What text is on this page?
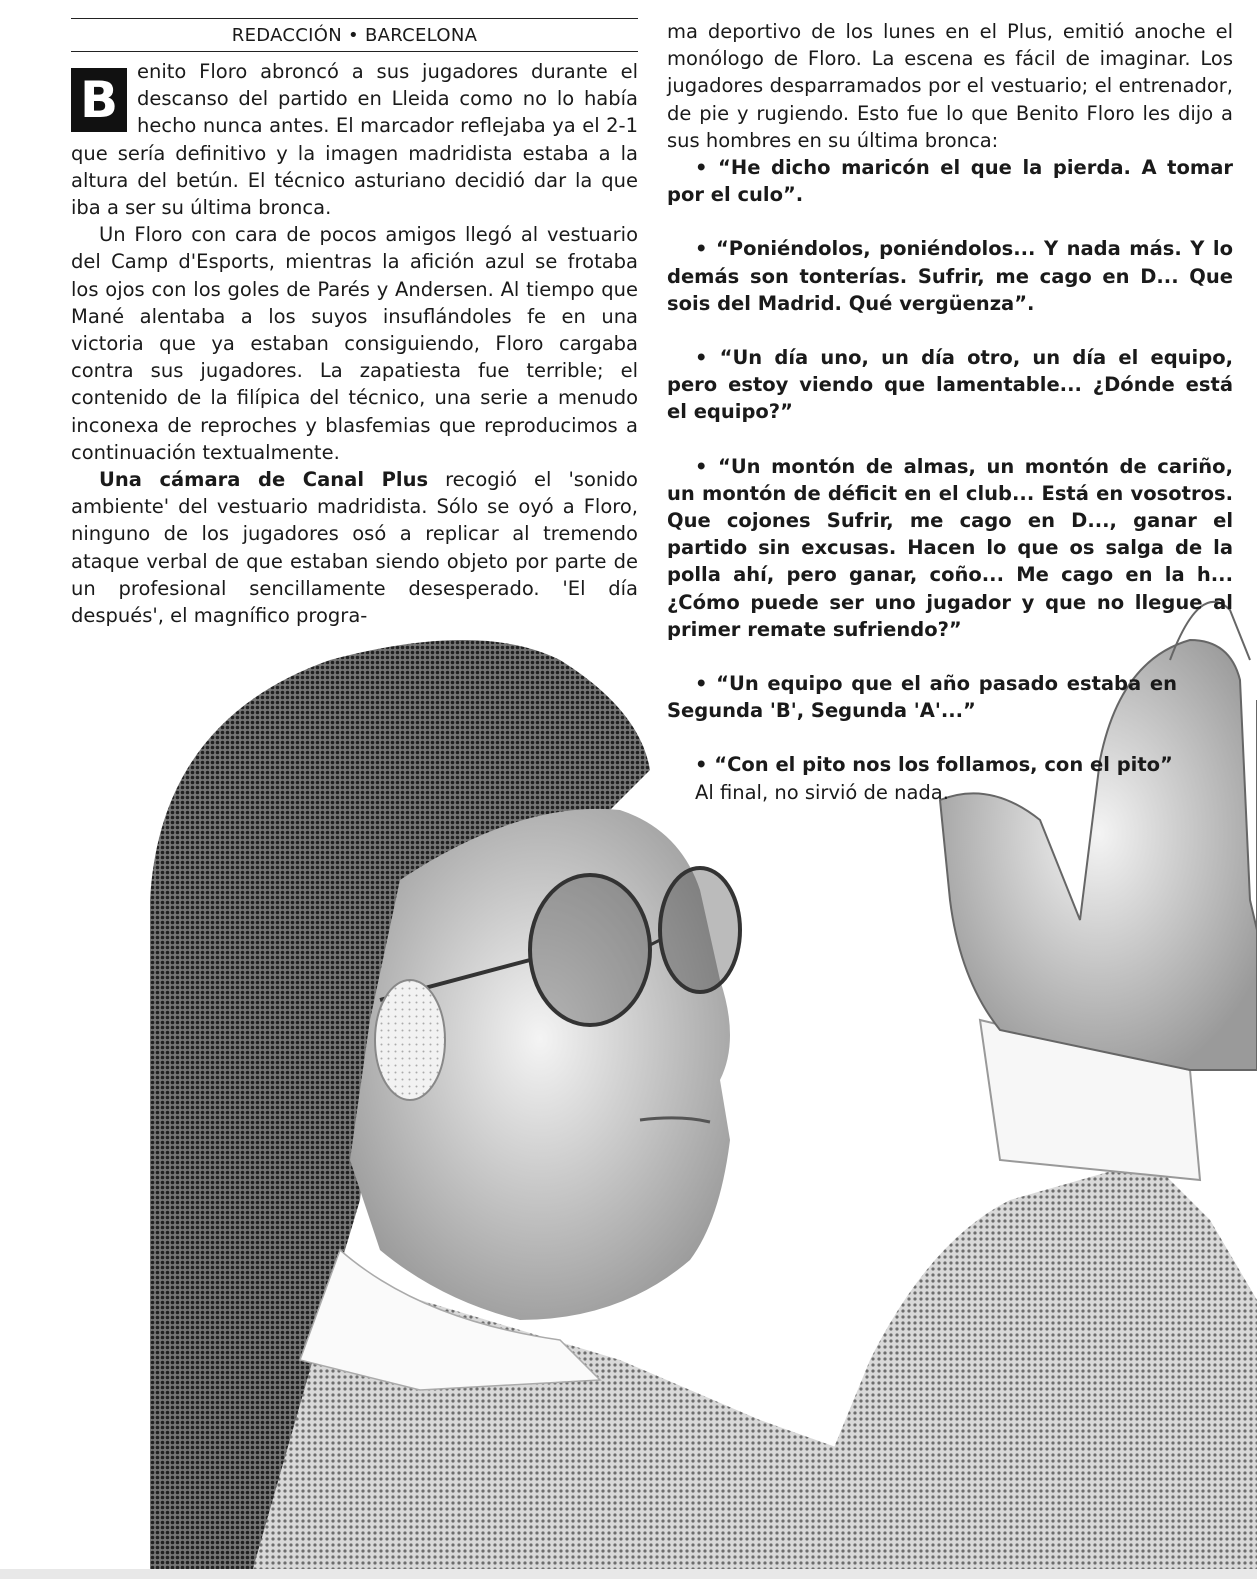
REDACCIÓN • BARCELONA

B enito Floro abroncó a sus jugadores durante el descanso del partido en Lleida como no lo había hecho nunca antes. El marcador reflejaba ya el 2-1 que sería definitivo y la imagen madridista estaba a la altura del betún. El técnico asturiano decidió dar la que iba a ser su última bronca.

Un Floro con cara de pocos amigos llegó al vestuario del Camp d'Esports, mientras la afición azul se frotaba los ojos con los goles de Parés y Andersen. Al tiempo que Mané alentaba a los suyos insuflándoles fe en una victoria que ya estaban consiguiendo, Floro cargaba contra sus jugadores. La zapatiesta fue terrible; el contenido de la filípica del técnico, una serie a menudo inconexa de reproches y blasfemias que reproducimos a continuación textualmente.

Una cámara de Canal Plus recogió el 'sonido ambiente' del vestuario madridista. Sólo se oyó a Floro, ninguno de los jugadores osó a replicar al tremendo ataque verbal de que estaban siendo objeto por parte de un profesional sencillamente desesperado. 'El día después', el magnífico progra-

ma deportivo de los lunes en el Plus, emitió anoche el monólogo de Floro. La escena es fácil de imaginar. Los jugadores desparramados por el vestuario; el entrenador, de pie y rugiendo. Esto fue lo que Benito Floro les dijo a sus hombres en su última bronca:

• “He dicho maricón el que la pierda. A tomar por el culo”.

• “Poniéndolos, poniéndolos... Y nada más. Y lo demás son tonterías. Sufrir, me cago en D... Que sois del Madrid. Qué vergüenza”.

• “Un día uno, un día otro, un día el equipo, pero estoy viendo que lamentable... ¿Dónde está el equipo?”

• “Un montón de almas, un montón de cariño, un montón de déficit en el club... Está en vosotros. Que cojones Sufrir, me cago en D..., ganar el partido sin excusas. Hacen lo que os salga de la polla ahí, pero ganar, coño... Me cago en la h... ¿Cómo puede ser uno jugador y que no llegue al primer remate sufriendo?”

• “Un equipo que el año pasado estaba en Segunda 'B', Segunda 'A'...”

• “Con el pito nos los follamos, con el pito”

Al final, no sirvió de nada.
